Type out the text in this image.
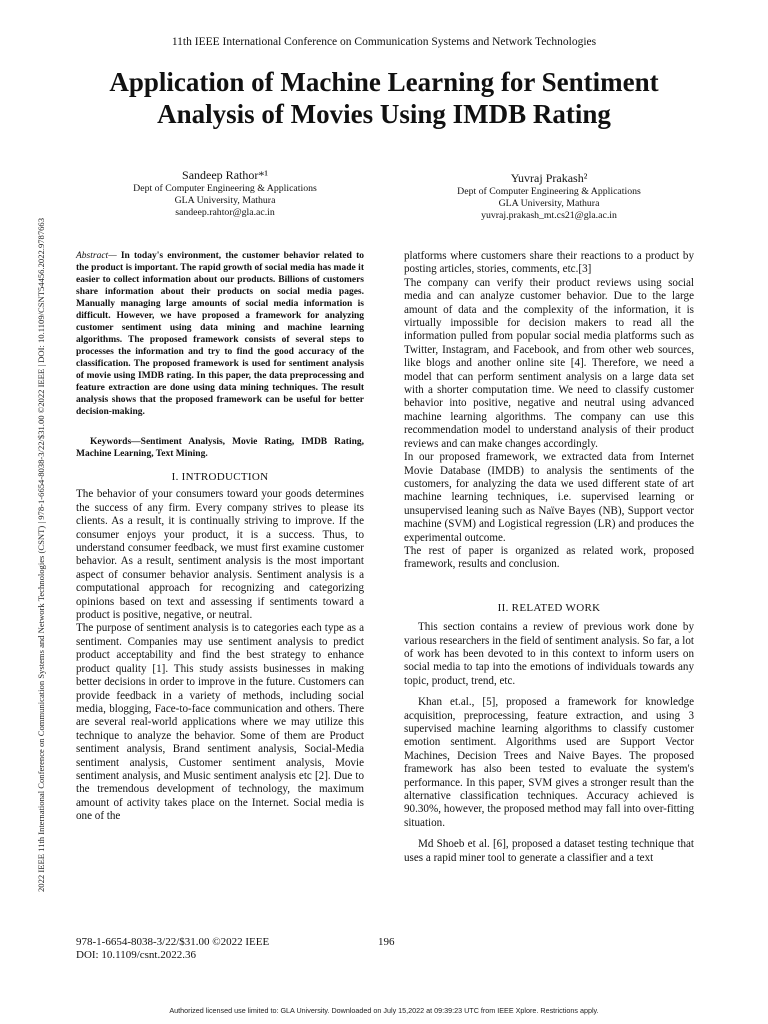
11th IEEE International Conference on Communication Systems and Network Technologies
Application of Machine Learning for Sentiment Analysis of Movies Using IMDB Rating
2022 IEEE 11th International Conference on Communication Systems and Network Technologies (CSNT) | 978-1-6654-8038-3/22/$31.00 ©2022 IEEE | DOI: 10.1109/CSNT54456.2022.9787663
Sandeep Rathor*¹
Dept of Computer Engineering & Applications
GLA University, Mathura
sandeep.rahtor@gla.ac.in
Yuvraj Prakash²
Dept of Computer Engineering & Applications
GLA University, Mathura
yuvraj.prakash_mt.cs21@gla.ac.in

Abstract— In today's environment, the customer behavior related to the product is important. The rapid growth of social media has made it easier to collect information about our products. Billions of customers share information about their products on social media pages. Manually managing large amounts of social media information is difficult. However, we have proposed a framework for analyzing customer sentiment using data mining and machine learning algorithms. The proposed framework consists of several steps to processes the information and try to find the good accuracy of the classification. The proposed framework is used for sentiment analysis of movie using IMDB rating. In this paper, the data preprocessing and feature extraction are done using data mining techniques. The result analysis shows that the proposed framework can be useful for better decision-making.

Keywords—Sentiment Analysis, Movie Rating, IMDB Rating, Machine Learning, Text Mining.

I. INTRODUCTION

The behavior of your consumers toward your goods determines the success of any firm. Every company strives to please its clients. As a result, it is continually striving to improve. If the consumer enjoys your product, it is a success. Thus, to understand consumer feedback, we must first examine customer behavior. As a result, sentiment analysis is the most important aspect of consumer behavior analysis. Sentiment analysis is a computational approach for recognizing and categorizing opinions based on text and assessing if sentiments toward a product is positive, negative, or neutral.

The purpose of sentiment analysis is to categories each type as a sentiment. Companies may use sentiment analysis to predict product acceptability and find the best strategy to enhance product quality [1]. This study assists businesses in making better decisions in order to improve in the future. Customers can provide feedback in a variety of methods, including social media, blogging, Face-to-face communication and others. There are several real-world applications where we may utilize this technique to analyze the behavior. Some of them are Product sentiment analysis, Brand sentiment analysis, Social-Media sentiment analysis, Customer sentiment analysis, Movie sentiment analysis, and Music sentiment analysis etc [2]. Due to the tremendous development of technology, the maximum amount of activity takes place on the Internet. Social media is one of the

platforms where customers share their reactions to a product by posting articles, stories, comments, etc.[3]

The company can verify their product reviews using social media and can analyze customer behavior. Due to the large amount of data and the complexity of the information, it is virtually impossible for decision makers to read all the information pulled from popular social media platforms such as Twitter, Instagram, and Facebook, and from other web sources, like blogs and another online site [4]. Therefore, we need a model that can perform sentiment analysis on a large data set with a shorter computation time. We need to classify customer behavior into positive, negative and neutral using advanced machine learning algorithms. The company can use this recommendation model to understand analysis of their product reviews and can make changes accordingly.

In our proposed framework, we extracted data from Internet Movie Database (IMDB) to analysis the sentiments of the customers, for analyzing the data we used different state of art machine learning techniques, i.e. supervised learning or unsupervised leaning such as Naïve Bayes (NB), Support vector machine (SVM) and Logistical regression (LR) and produces the experimental outcome.

The rest of paper is organized as related work, proposed framework, results and conclusion.

II. RELATED WORK

This section contains a review of previous work done by various researchers in the field of sentiment analysis. So far, a lot of work has been devoted to in this context to inform users on social media to tap into the emotions of individuals towards any topic, product, trend, etc.

Khan et.al., [5], proposed a framework for knowledge acquisition, preprocessing, feature extraction, and using 3 supervised machine learning algorithms to classify customer emotion sentiment. Algorithms used are Support Vector Machines, Decision Trees and Naive Bayes. The proposed framework has also been tested to evaluate the system's performance. In this paper, SVM gives a stronger result than the alternative classification techniques. Accuracy achieved is 90.30%, however, the proposed method may fall into over-fitting situation.

Md Shoeb et al. [6], proposed a dataset testing technique that uses a rapid miner tool to generate a classifier and a text

978-1-6654-8038-3/22/$31.00 ©2022 IEEE
DOI: 10.1109/csnt.2022.36
196
Authorized licensed use limited to: GLA University. Downloaded on July 15,2022 at 09:39:23 UTC from IEEE Xplore. Restrictions apply.
